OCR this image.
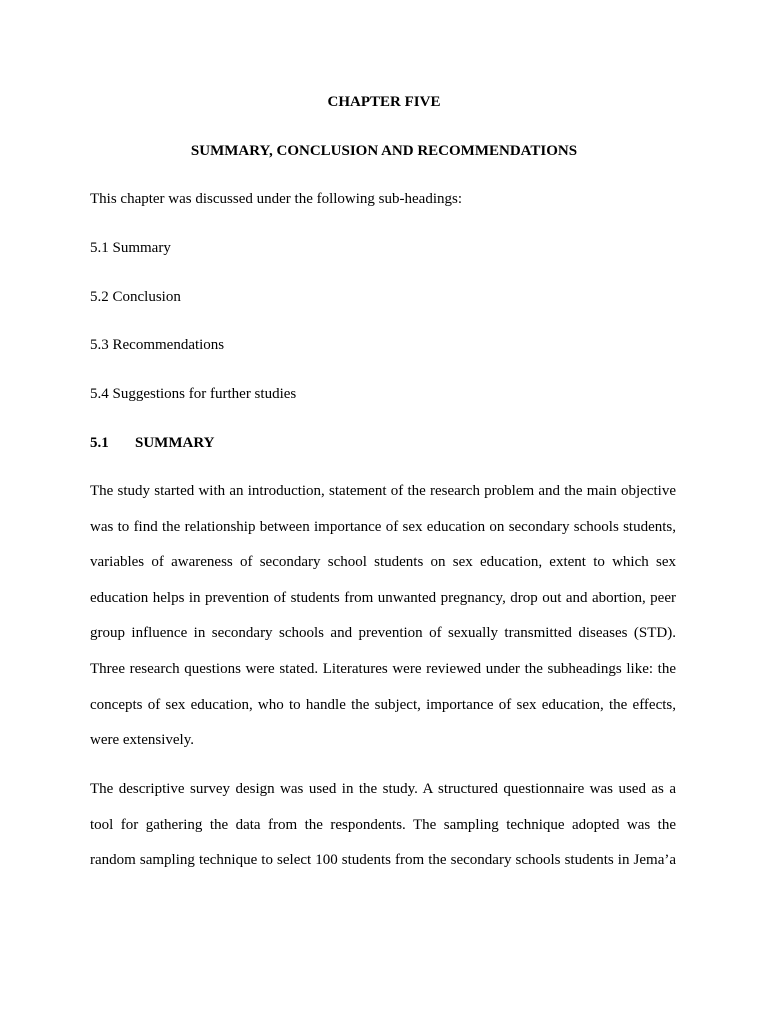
CHAPTER FIVE
SUMMARY, CONCLUSION AND RECOMMENDATIONS
This chapter was discussed under the following sub-headings:
5.1 Summary
5.2 Conclusion
5.3 Recommendations
5.4 Suggestions for further studies
5.1 SUMMARY
The study started with an introduction, statement of the research problem and the main objective
was to find the relationship between importance of sex education on secondary schools students,
variables of awareness of secondary school students on sex education, extent to which sex
education helps in prevention of students from unwanted pregnancy, drop out and abortion, peer
group influence in secondary schools and prevention of sexually transmitted diseases (STD).
Three research questions were stated. Literatures were reviewed under the subheadings like: the
concepts of sex education, who to handle the subject, importance of sex education, the effects,
were extensively.
The descriptive survey design was used in the study. A structured questionnaire was used as a
tool for gathering the data from the respondents. The sampling technique adopted was the
random sampling technique to select 100 students from the secondary schools students in Jema’a
